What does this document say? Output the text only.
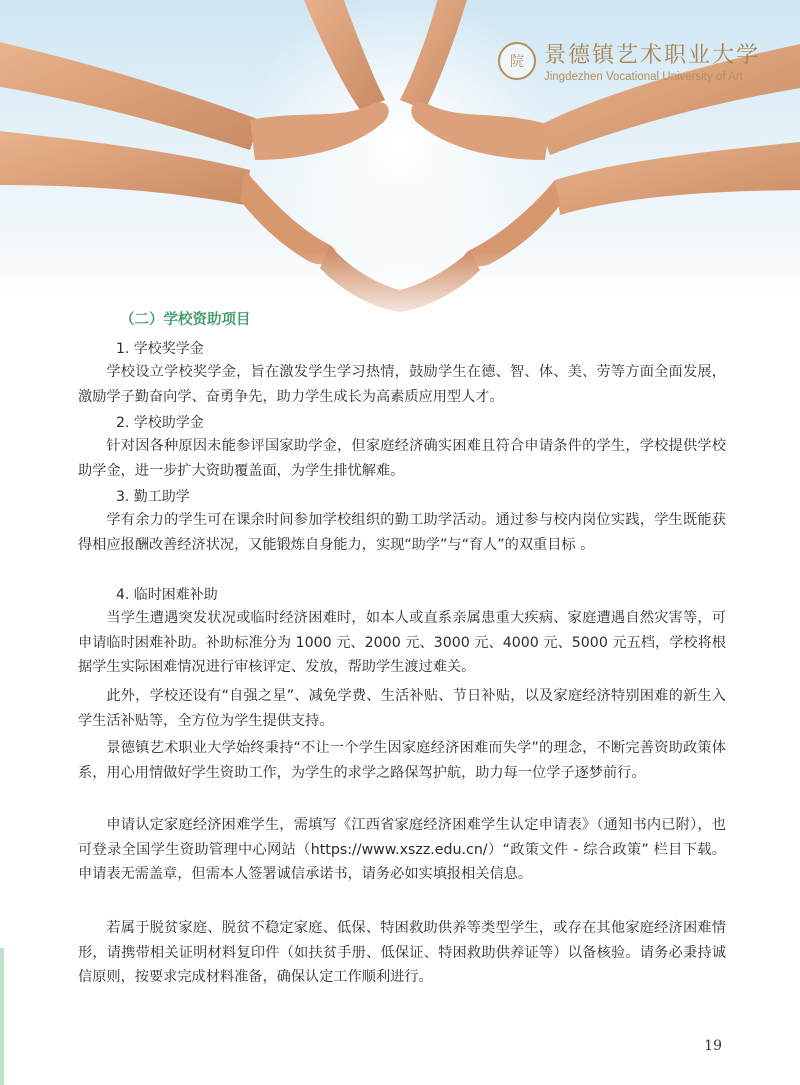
院 景德镇艺术职业大学
Jingdezhen Vocational University of Art
（二）学校资助项目
1. 学校奖学金
学校设立学校奖学金，旨在激发学生学习热情，鼓励学生在德、智、体、美、劳等方面全面发展，激励学子勤奋向学、奋勇争先，助力学生成长为高素质应用型人才。
2. 学校助学金
针对因各种原因未能参评国家助学金，但家庭经济确实困难且符合申请条件的学生，学校提供学校助学金，进一步扩大资助覆盖面，为学生排忧解难。
3. 勤工助学
学有余力的学生可在课余时间参加学校组织的勤工助学活动。通过参与校内岗位实践，学生既能获得相应报酬改善经济状况，又能锻炼自身能力，实现“助学”与“育人”的双重目标 。
4. 临时困难补助
当学生遭遇突发状况或临时经济困难时，如本人或直系亲属患重大疾病、家庭遭遇自然灾害等，可申请临时困难补助。补助标准分为 1000 元、2000 元、3000 元、4000 元、5000 元五档，学校将根据学生实际困难情况进行审核评定、发放，帮助学生渡过难关。
此外，学校还设有“自强之星”、减免学费、生活补贴、节日补贴，以及家庭经济特别困难的新生入学生活补贴等，全方位为学生提供支持。
景德镇艺术职业大学始终秉持“不让一个学生因家庭经济困难而失学”的理念，不断完善资助政策体系，用心用情做好学生资助工作，为学生的求学之路保驾护航，助力每一位学子逐梦前行。
申请认定家庭经济困难学生，需填写《江西省家庭经济困难学生认定申请表》（通知书内已附），也可登录全国学生资助管理中心网站（https://www.xszz.edu.cn/）“政策文件 - 综合政策” 栏目下载。申请表无需盖章，但需本人签署诚信承诺书，请务必如实填报相关信息。
若属于脱贫家庭、脱贫不稳定家庭、低保、特困救助供养等类型学生，或存在其他家庭经济困难情形，请携带相关证明材料复印件（如扶贫手册、低保证、特困救助供养证等）以备核验。请务必秉持诚信原则，按要求完成材料准备，确保认定工作顺利进行。
19
